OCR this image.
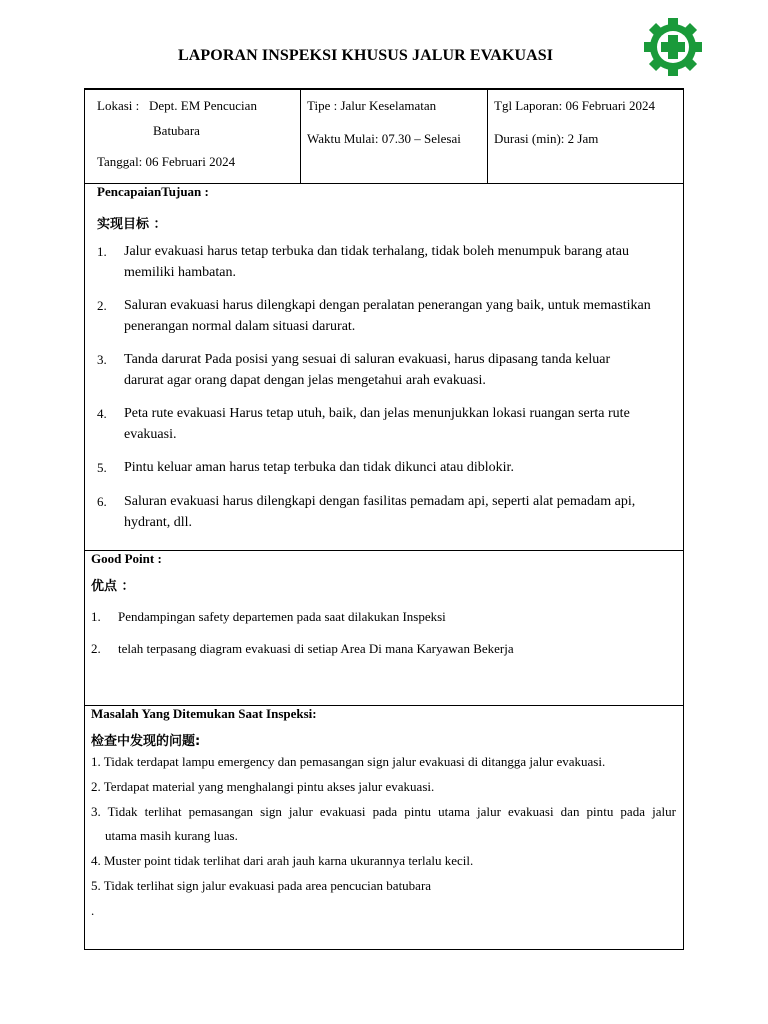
LAPORAN INSPEKSI KHUSUS JALUR EVAKUASI
Lokasi : Dept. EM Pencucian
Batubara
Tanggal: 06 Februari 2024
Tipe : Jalur Keselamatan
Waktu Mulai: 07.30 – Selesai
Tgl Laporan: 06 Februari 2024
Durasi (min): 2 Jam
PencapaianTujuan :
实现目标 ：
1. Jalur evakuasi harus tetap terbuka dan tidak terhalang, tidak boleh menumpuk barang atau
memiliki hambatan.
2. Saluran evakuasi harus dilengkapi dengan peralatan penerangan yang baik, untuk memastikan
penerangan normal dalam situasi darurat.
3. Tanda darurat Pada posisi yang sesuai di saluran evakuasi, harus dipasang tanda keluar
darurat agar orang dapat dengan jelas mengetahui arah evakuasi.
4. Peta rute evakuasi Harus tetap utuh, baik, dan jelas menunjukkan lokasi ruangan serta rute
evakuasi.
5. Pintu keluar aman harus tetap terbuka dan tidak dikunci atau diblokir.
6. Saluran evakuasi harus dilengkapi dengan fasilitas pemadam api, seperti alat pemadam api,
hydrant, dll.
Good Point :
优点 ：
1. Pendampingan safety departemen pada saat dilakukan Inspeksi
2. telah terpasang diagram evakuasi di setiap Area Di mana Karyawan Bekerja
Masalah Yang Ditemukan Saat Inspeksi:
检查中发现的问题:
1. Tidak terdapat lampu emergency dan pemasangan sign jalur evakuasi di ditangga jalur evakuasi.
2. Terdapat material yang menghalangi pintu akses jalur evakuasi.
3. Tidak terlihat pemasangan sign jalur evakuasi pada pintu utama jalur evakuasi dan pintu pada jalur
utama masih kurang luas.
4. Muster point tidak terlihat dari arah jauh karna ukurannya terlalu kecil.
5. Tidak terlihat sign jalur evakuasi pada area pencucian batubara
.
